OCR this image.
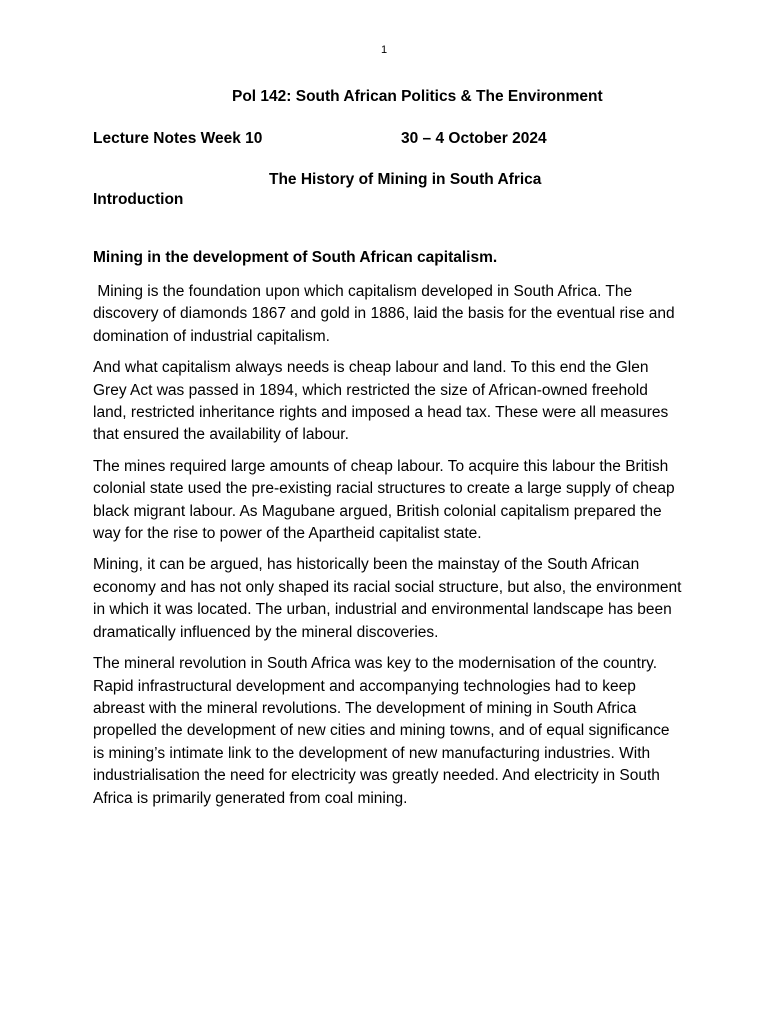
1
Pol 142: South African Politics & The Environment
Lecture Notes Week 10	30 – 4 October 2024
The History of Mining in South Africa
Introduction
Mining in the development of South African capitalism.

Mining is the foundation upon which capitalism developed in South Africa. The discovery of diamonds 1867 and gold in 1886, laid the basis for the eventual rise and domination of industrial capitalism.

And what capitalism always needs is cheap labour and land. To this end the Glen Grey Act was passed in 1894, which restricted the size of African-owned freehold land, restricted inheritance rights and imposed a head tax. These were all measures that ensured the availability of labour.

The mines required large amounts of cheap labour. To acquire this labour the British colonial state used the pre-existing racial structures to create a large supply of cheap black migrant labour. As Magubane argued, British colonial capitalism prepared the way for the rise to power of the Apartheid capitalist state.

Mining, it can be argued, has historically been the mainstay of the South African economy and has not only shaped its racial social structure, but also, the environment in which it was located. The urban, industrial and environmental landscape has been dramatically influenced by the mineral discoveries.

The mineral revolution in South Africa was key to the modernisation of the country. Rapid infrastructural development and accompanying technologies had to keep abreast with the mineral revolutions. The development of mining in South Africa propelled the development of new cities and mining towns, and of equal significance is mining’s intimate link to the development of new manufacturing industries. With industrialisation the need for electricity was greatly needed. And electricity in South Africa is primarily generated from coal mining.
